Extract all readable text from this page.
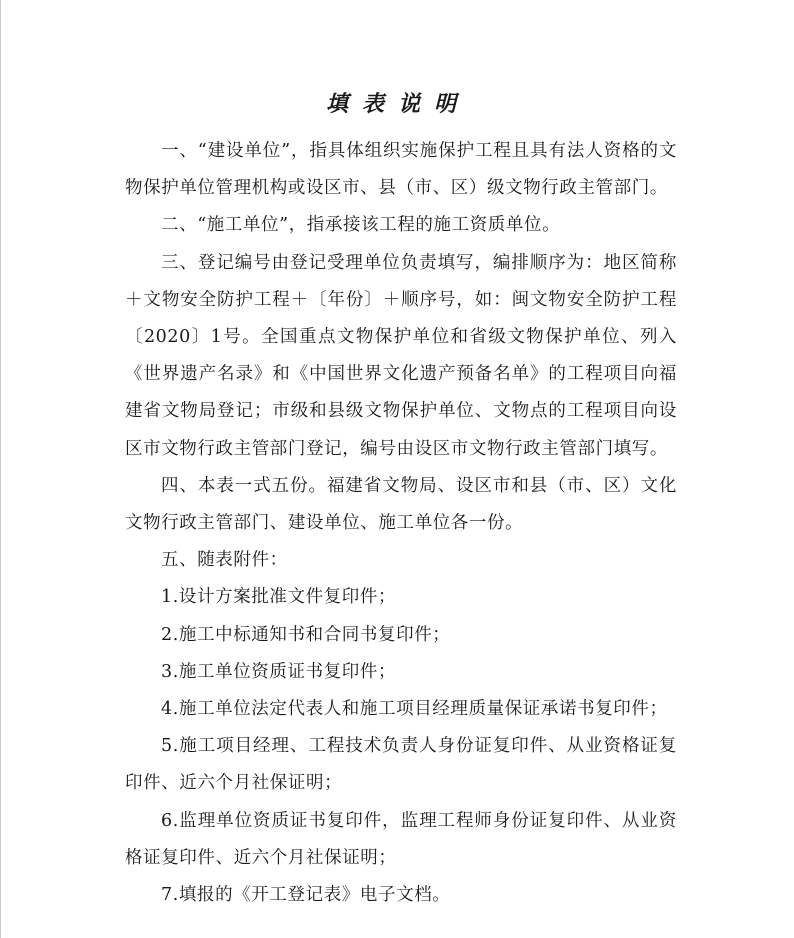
填表说明

一、“建设单位”，指具体组织实施保护工程且具有法人资格的文物保护单位管理机构或设区市、县（市、区）级文物行政主管部门。

二、“施工单位”，指承接该工程的施工资质单位。

三、登记编号由登记受理单位负责填写，编排顺序为：地区简称＋文物安全防护工程＋〔年份〕＋顺序号，如：闽文物安全防护工程〔2020〕1号。全国重点文物保护单位和省级文物保护单位、列入《世界遗产名录》和《中国世界文化遗产预备名单》的工程项目向福建省文物局登记；市级和县级文物保护单位、文物点的工程项目向设区市文物行政主管部门登记，编号由设区市文物行政主管部门填写。

四、本表一式五份。福建省文物局、设区市和县（市、区）文化文物行政主管部门、建设单位、施工单位各一份。

五、随表附件：

1.设计方案批准文件复印件；

2.施工中标通知书和合同书复印件；

3.施工单位资质证书复印件；

4.施工单位法定代表人和施工项目经理质量保证承诺书复印件；

5.施工项目经理、工程技术负责人身份证复印件、从业资格证复印件、近六个月社保证明；

6.监理单位资质证书复印件，监理工程师身份证复印件、从业资格证复印件、近六个月社保证明；

7.填报的《开工登记表》电子文档。
